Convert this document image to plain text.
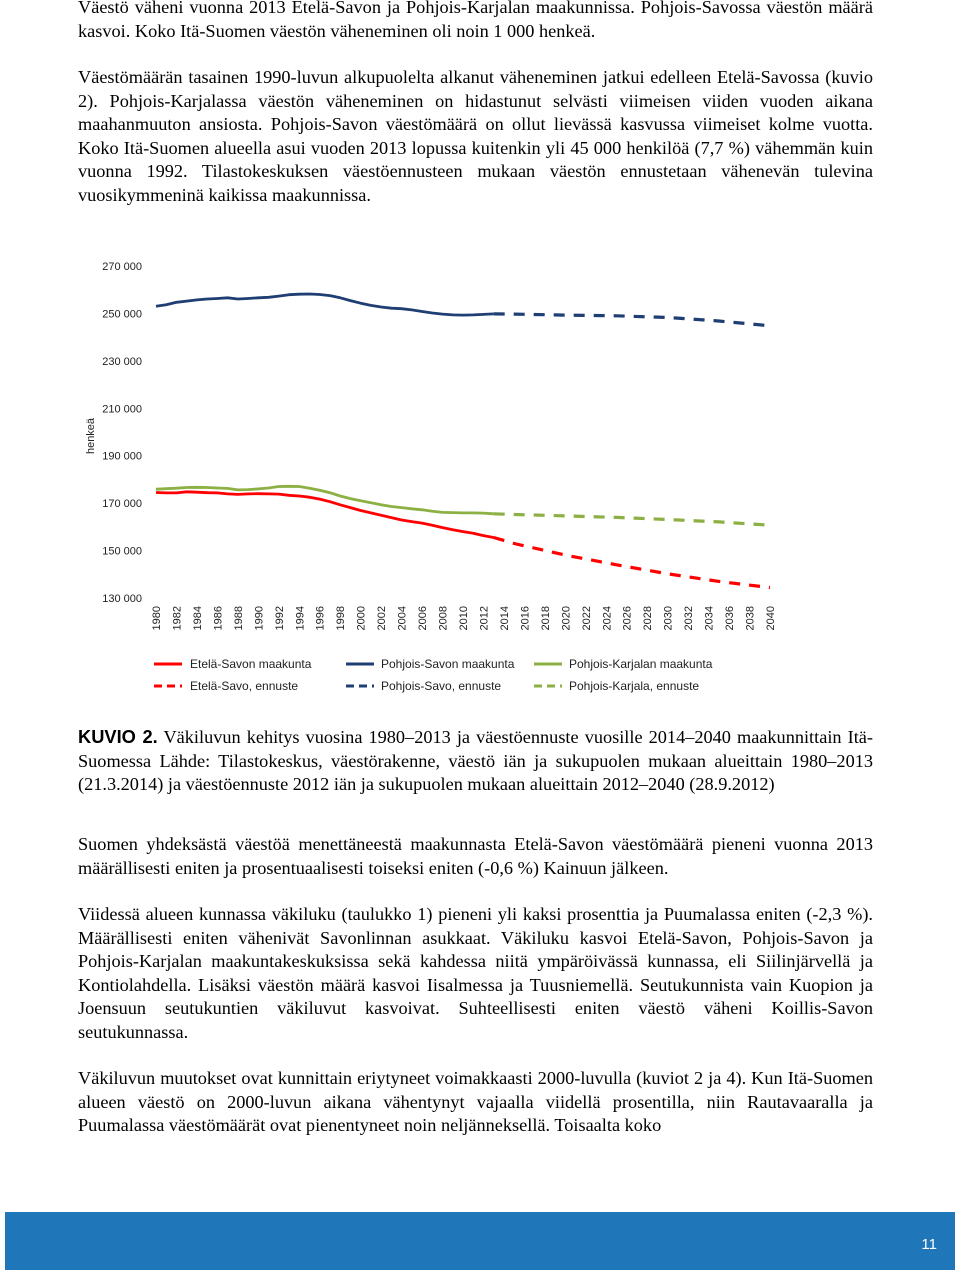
Väestö väheni vuonna 2013 Etelä-Savon ja Pohjois-Karjalan maakunnissa. Pohjois-Savossa väestön määrä kasvoi. Koko Itä-Suomen väestön väheneminen oli noin 1 000 henkeä.

Väestömäärän tasainen 1990-luvun alkupuolelta alkanut väheneminen jatkui edelleen Etelä-Savossa (kuvio 2). Pohjois-Karjalassa väestön väheneminen on hidastunut selvästi viimeisen viiden vuoden aikana maahanmuuton ansiosta. Pohjois-Savon väestömäärä on ollut lievässä kasvussa viimeiset kolme vuotta. Koko Itä-Suomen alueella asui vuoden 2013 lopussa kuitenkin yli 45 000 henkilöä (7,7 %) vähemmän kuin vuonna 1992. Tilastokeskuksen väestöennusteen mukaan väestön ennustetaan vähenevän tulevina vuosikymmeninä kaikissa maakunnissa.

130 000
150 000
170 000
190 000
210 000
230 000
250 000
270 000
henkeä
1980 1982 1984 1986 1988 1990 1992 1994 1996 1998 2000 2002 2004 2006 2008 2010 2012 2014 2016 2018 2020 2022 2024 2026 2028 2030 2032 2034 2036 2038 2040
Etelä-Savon maakunta	Pohjois-Savon maakunta	Pohjois-Karjalan maakunta
Etelä-Savo, ennuste	Pohjois-Savo, ennuste	Pohjois-Karjala, ennuste

KUVIO 2. Väkiluvun kehitys vuosina 1980–2013 ja väestöennuste vuosille 2014–2040 maakunnittain Itä-Suomessa Lähde: Tilastokeskus, väestörakenne, väestö iän ja sukupuolen mukaan alueittain 1980–2013 (21.3.2014) ja väestöennuste 2012 iän ja sukupuolen mukaan alueittain 2012–2040 (28.9.2012)

Suomen yhdeksästä väestöä menettäneestä maakunnasta Etelä-Savon väestömäärä pieneni vuonna 2013 määrällisesti eniten ja prosentuaalisesti toiseksi eniten (-0,6 %) Kainuun jälkeen.

Viidessä alueen kunnassa väkiluku (taulukko 1) pieneni yli kaksi prosenttia ja Puumalassa eniten (-2,3 %). Määrällisesti eniten vähenivät Savonlinnan asukkaat. Väkiluku kasvoi Etelä-Savon, Pohjois-Savon ja Pohjois-Karjalan maakuntakeskuksissa sekä kahdessa niitä ympäröivässä kunnassa, eli Siilinjärvellä ja Kontiolahdella. Lisäksi väestön määrä kasvoi Iisalmessa ja Tuusniemellä. Seutukunnista vain Kuopion ja Joensuun seutukuntien väkiluvut kasvoivat. Suhteellisesti eniten väestö väheni Koillis-Savon seutukunnassa.

Väkiluvun muutokset ovat kunnittain eriytyneet voimakkaasti 2000-luvulla (kuviot 2 ja 4). Kun Itä-Suomen alueen väestö on 2000-luvun aikana vähentynyt vajaalla viidellä prosentilla, niin Rautavaaralla ja Puumalassa väestömäärät ovat pienentyneet noin neljänneksellä. Toisaalta koko

11
